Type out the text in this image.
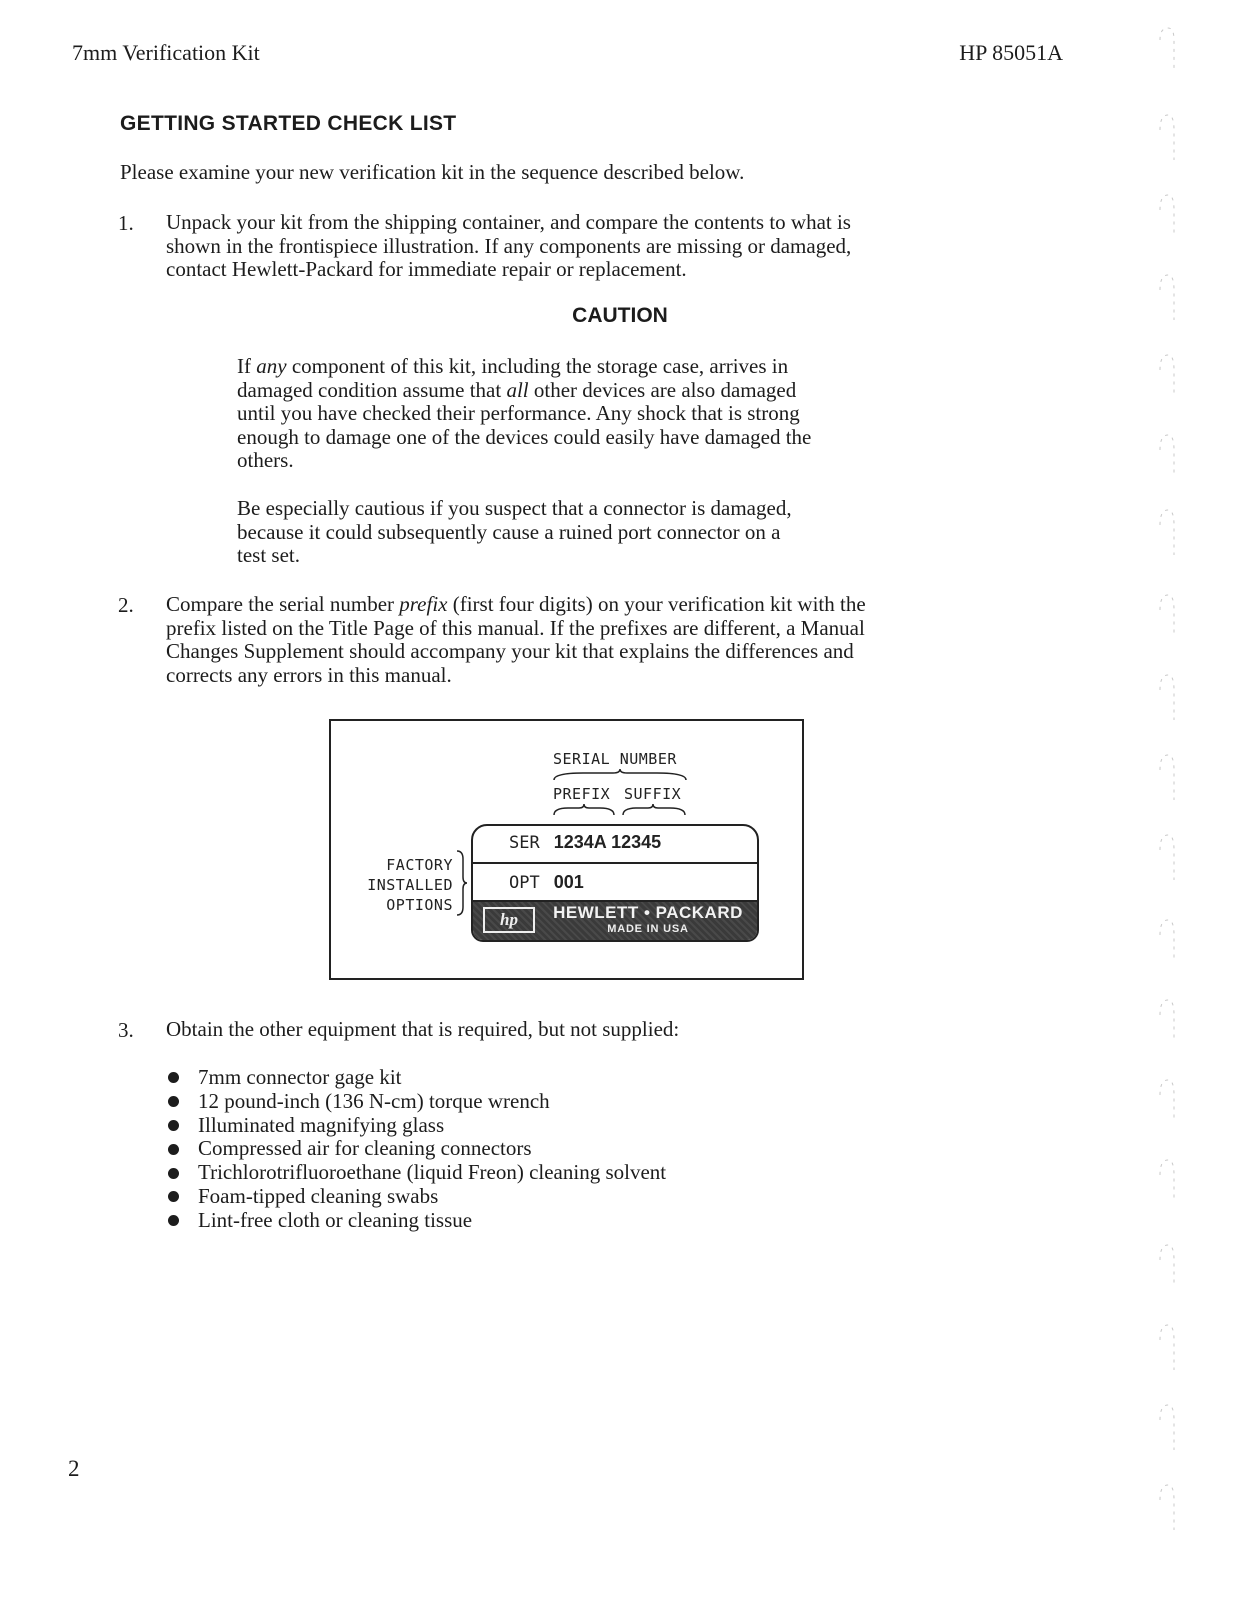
7mm Verification Kit	HP 85051A
GETTING STARTED CHECK LIST
Please examine your new verification kit in the sequence described below.
1. Unpack your kit from the shipping container, and compare the contents to what is
shown in the frontispiece illustration. If any components are missing or damaged,
contact Hewlett-Packard for immediate repair or replacement.
CAUTION
If any component of this kit, including the storage case, arrives in
damaged condition assume that all other devices are also damaged
until you have checked their performance. Any shock that is strong
enough to damage one of the devices could easily have damaged the
others.
Be especially cautious if you suspect that a connector is damaged,
because it could subsequently cause a ruined port connector on a
test set.
2. Compare the serial number prefix (first four digits) on your verification kit with the
prefix listed on the Title Page of this manual. If the prefixes are different, a Manual
Changes Supplement should accompany your kit that explains the differences and
corrects any errors in this manual.
SERIAL NUMBER
PREFIX SUFFIX
FACTORY
INSTALLED
OPTIONS
SER 1234A 12345
OPT 001
hp	HEWLETT • PACKARD
MADE IN USA
3. Obtain the other equipment that is required, but not supplied:
7mm connector gage kit
12 pound-inch (136 N-cm) torque wrench
Illuminated magnifying glass
Compressed air for cleaning connectors
Trichlorotrifluoroethane (liquid Freon) cleaning solvent
Foam-tipped cleaning swabs
Lint-free cloth or cleaning tissue
2
